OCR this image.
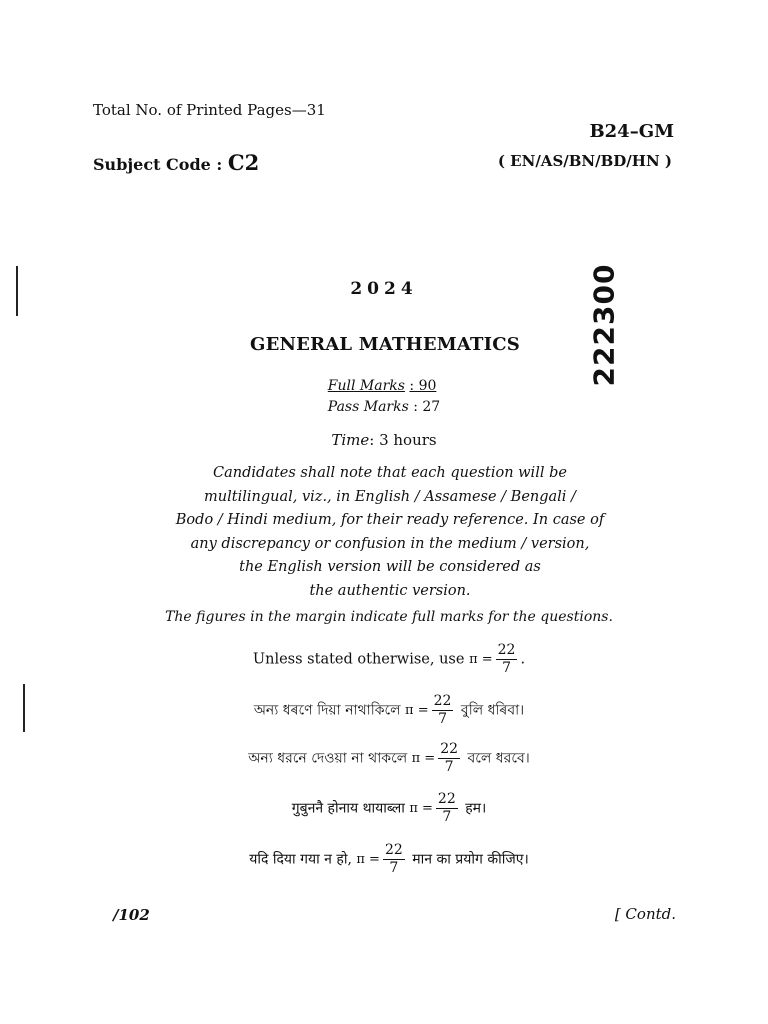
Total No. of Printed Pages—31
B24–GM
Subject Code : C2	( EN/AS/BN/BD/HN )
2024	222300
GENERAL MATHEMATICS
Full Marks : 90
Pass Marks : 27
Time: 3 hours
Candidates shall note that each question will be
multilingual, viz., in English / Assamese / Bengali /
Bodo / Hindi medium, for their ready reference. In case of
any discrepancy or confusion in the medium / version,
the English version will be considered as
the authentic version.
The figures in the margin indicate full marks for the questions.
Unless stated otherwise, use $\pi = \frac{22}{7}$ .
অন্য ধৰণে দিয়া নাথাকিলে $\pi = \frac{22}{7}$ বুলি ধৰিবা।
অন্য ধরনে দেওয়া না থাকলে $\pi = \frac{22}{7}$ বলে ধরবে।
गुबुननै होनाय थायाब्ला $\pi = \frac{22}{7}$ हम।
यदि दिया गया न हो, $\pi = \frac{22}{7}$ मान का प्रयोग कीजिए।
/102	[ Contd.
